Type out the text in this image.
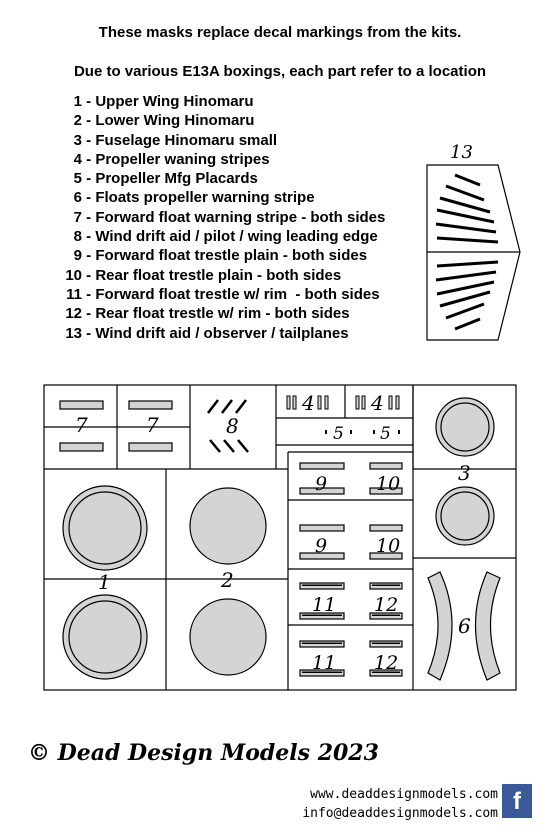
These masks replace decal markings from the kits.
Due to various E13A boxings, each part refer to a location
1 - Upper Wing Hinomaru
2 - Lower Wing Hinomaru
3 - Fuselage Hinomaru small
4 - Propeller waning stripes
5 - Propeller Mfg Placards
6 - Floats propeller warning stripe
7 - Forward float warning stripe - both sides
8 - Wind drift aid / pilot / wing leading edge
9 - Forward float trestle plain - both sides
10 - Rear float trestle plain - both sides
11 - Forward float trestle w/ rim  - both sides
12 - Rear float trestle w/ rim - both sides
13 - Wind drift aid / observer / tailplanes
13
7	7	8
4	4
5 5
3
1	2
9	10
9	10
11 12
11 12
6
© Dead Design Models 2023
www.deaddesignmodels.com
info@deaddesignmodels.com f
